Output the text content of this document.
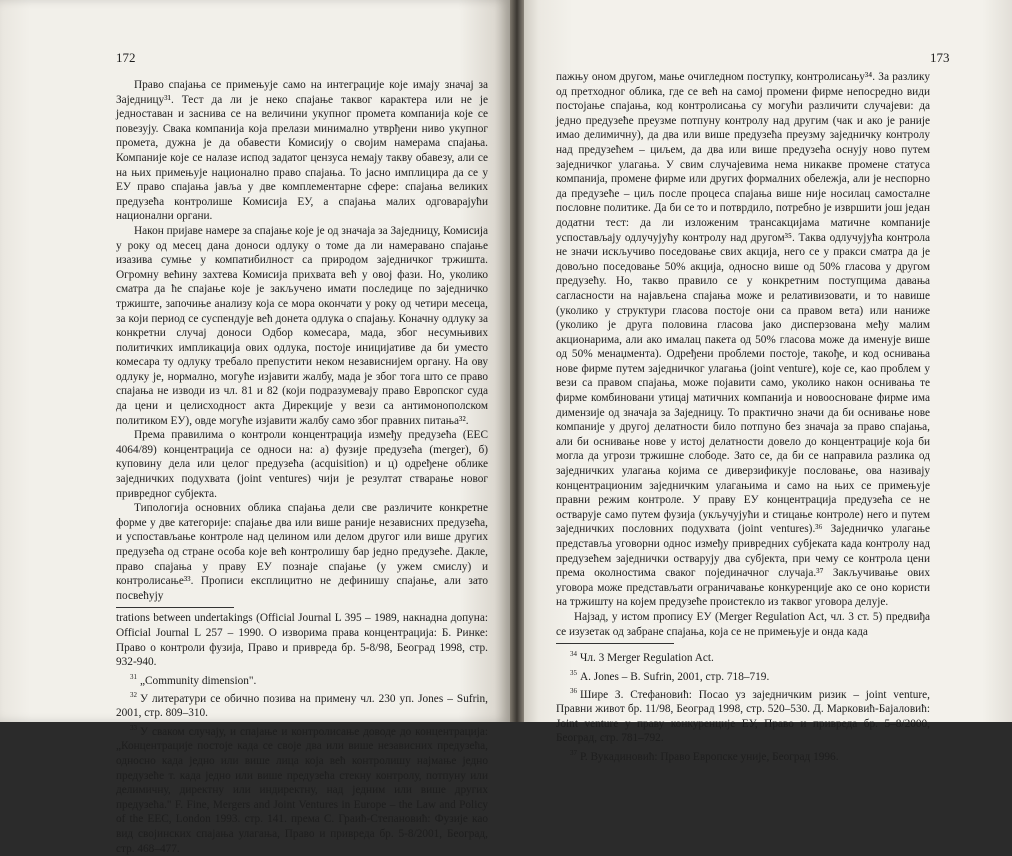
172

Право спајања се примењује само на интеграције које имају значај за Заједницу³¹. Тест да ли је неко спајање таквог карактера или не је једноставан и заснива се на величини укупног промета компанија које се повезују. Свака компанија која прелази минимално утврђени ниво укупног промета, дужна је да обавести Комисију о својим намерама спајања. Компаније које се налазе испод задатог цензуса немају такву обавезу, али се на њих примењује национално право спајања. То јасно имплицира да се у ЕУ право спајања јавља у две комплементарне сфере: спајања великих предузећа контролише Комисија ЕУ, а спајања малих одговарајући национални органи.

Након пријаве намере за спајање које је од значаја за Заједницу, Комисија у року од месец дана доноси одлуку о томе да ли намеравано спајање изазива сумње у компатибилност са природом заједничког тржишта. Огромну већину захтева Комисија прихвата већ у овој фази. Но, уколико сматра да ће спајање које је закључено имати последице по заједничко тржиште, започиње анализу која се мора окончати у року од четири месеца, за који период се суспендује већ донета одлука о спајању. Коначну одлуку за конкретни случај доноси Одбор комесара, мада, због несумњивих политичких импликација ових одлука, постоје иницијативе да би уместо комесара ту одлуку требало препустити неком независнијем органу. На ову одлуку је, нормално, могуће изјавити жалбу, мада је због тога што се право спајања не изводи из чл. 81 и 82 (који подразумевају право Европског суда да цени и целисходност акта Дирекције у вези са антимонополском политиком ЕУ), овде могуће изјавити жалбу само због правних питања³².

Према правилима о контроли концентрација између предузећа (ЕЕС 4064/89) концентрација се односи на: а) фузије предузећа (merger), б) куповину дела или целог предузећа (acquisition) и ц) одређене облике заједничких подухвата (joint ventures) чији је резултат стварање новог привредног субјекта.

Типологија основних облика спајања дели све различите конкретне форме у две категорије: спајање два или више раније независних предузећа, и успостављање контроле над целином или делом другог или више других предузећа од стране особа које већ контролишу бар једно предузеће. Дакле, право спајања у праву ЕУ познаје спајање (у ужем смислу) и контролисање³³. Прописи експлицитно не дефинишу спајање, али зато посвећују

trations between undertakings (Official Journal L 395 – 1989, накнадна допуна: Official Journal L 257 – 1990. О изворима права концентрација: Б. Ринке: Право о контроли фузија, Право и привреда бр. 5-8/98, Београд 1998, стр. 932-940.

$^{31}$ „Community dimension".

$^{32}$ У литератури се обично позива на примену чл. 230 уп. Jones – Sufrin, 2001, стр. 809–310.

$^{33}$ У сваком случају, и спајање и контролисање доводе до концентрација: „Концентрације постоје када се своје два или више независних предузећа, односно када једно или више лица која већ контролишу најмање једно предузеће т. када једно или више предузећа стекну контролу, потпуну или делимичну, директну или индиректну, над једним или више других предузећа." F. Fine, Mergers and Joint Ventures in Europe – the Law and Policy of the EEC, London 1993. стр. 141. према С. Грaић-Стeпановић: Фузије као вид својинских спајања улагања, Право и привреда бр. 5-8/2001, Београд, стр. 468–477.

173

пажњу оном другом, мање очигледном поступку, контролисању³⁴. За разлику од претходног облика, где се већ на самој промени фирме непосредно види постојање спајања, код контролисања су могући различити случајеви: да једно предузеће преузме потпуну контролу над другим (чак и ако је раније имао делимичну), да два или више предузећа преузму заједничку контролу над предузећем – циљем, да два или више предузећа оснују ново путем заједничког улагања. У свим случајевима нема никакве промене статуса компанија, промене фирме или других формалних обележја, али је неспорно да предузеће – циљ после процеса спајања више није носилац самосталне пословне политике. Да би се то и потврдило, потребно је извршити још један додатни тест: да ли изложеним трансакцијама матичне компаније успостављају одлучујућу контролу над другом³⁵. Таква одлучујућа контрола не значи искључиво поседовање свих акција, него се у пракси сматра да је довољно поседовање 50% акција, односно више од 50% гласова у другом предузећу. Но, такво правило се у конкретним поступцима давања сагласности на најављена спајања може и релативизовати, и то навише (уколико у структури гласова постоје они са правом вета) или наниже (уколико је друга половина гласова јако дисперзована међу малим акционарима, али ако ималац пакета од 50% гласова може да именује више од 50% менаџмента). Одређени проблеми постоје, такође, и код оснивања нове фирме путем заједничког улагања (joint venture), које се, као проблем у вези са правом спајања, може појавити само, уколико након оснивања те фирме комбиновани утицај матичних компанија и новоосноване фирме има димензије од значаја за Заједницу. То практично значи да би оснивање нове компаније у другој делатности било потпуно без значаја за право спајања, али би оснивање нове у истој делатности довело до концентрације која би могла да угрози тржишне слободе. Зато се, да би се направила разлика од заједничких улагања којима се диверзификује пословање, ова називају концентрационим заједничким улагањима и само на њих се примењује правни режим контроле. У праву ЕУ концентрација предузећа се не остварује само путем фузија (укључујући и стицање контроле) него и путем заједничких пословних подухвата (joint ventures).³⁶ Заједничко улагање представља уговорни однос између привредних субјеката када контролу над предузећем заједнички остварују два субјекта, при чему се контрола цени према околностима сваког појединачног случаја.³⁷ Закључивање ових уговора може представљати ограничавање конкуренције ако се оно користи на тржишту на којем предузеће проистекло из таквог уговора делује.

Најзад, у истом пропису ЕУ (Merger Regulation Act, чл. 3 ст. 5) предвиђа се изузетак од забране спајања, која се не примењује и онда када

$^{34}$ Чл. 3 Merger Regulation Act.

$^{35}$ A. Jones – B. Sufrin, 2001, стр. 718–719.

$^{36}$ Шире З. Стефановић: Посао уз заједничким ризик – joint venture, Правни живот бр. 11/98, Београд 1998, стр. 520–530. Д. Марковић-Бајаловић: Joint venture у праву конкуренције ЕУ, Право и привреда бр. 5–8/2000, Београд, стр. 781–792.

$^{37}$ Р. Вукадиновић: Право Европске уније, Београд 1996.
